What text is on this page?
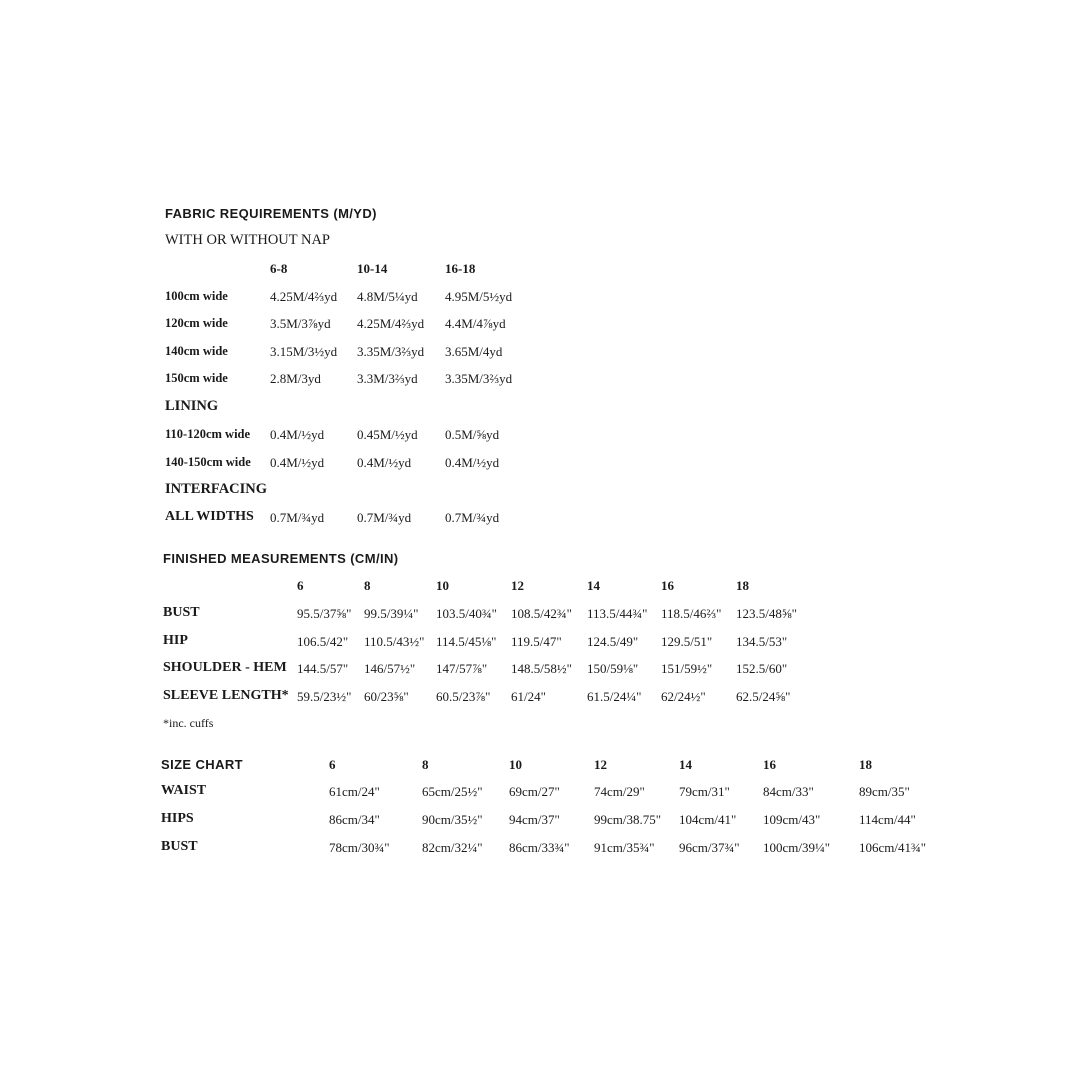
FABRIC REQUIREMENTS (M/YD)
WITH OR WITHOUT NAP
6-8	10-14	16-18
100cm wide	4.25M/4⅔yd 4.8M/5¼yd 4.95M/5½yd
120cm wide	3.5M/3⅞yd 4.25M/4⅔yd 4.4M/4⅞yd
140cm wide	3.15M/3½yd 3.35M/3⅔yd 3.65M/4yd
150cm wide	2.8M/3yd	3.3M/3⅔yd 3.35M/3⅔yd
LINING
110-120cm wide 0.4M/½yd	0.45M/½yd 0.5M/⅝yd
140-150cm wide 0.4M/½yd	0.4M/½yd	0.4M/½yd
INTERFACING
ALL WIDTHS 0.7M/¾yd	0.7M/¾yd	0.7M/¾yd
FINISHED MEASUREMENTS (CM/IN)
6	8	10	12	14	16	18
BUST	95.5/37⅝" 99.5/39¼" 103.5/40¾" 108.5/42¾" 113.5/44¾" 118.5/46⅔" 123.5/48⅝"
HIP	106.5/42" 110.5/43½" 114.5/45⅛" 119.5/47" 124.5/49" 129.5/51" 134.5/53"
SHOULDER - HEM 144.5/57" 146/57½" 147/57⅞" 148.5/58½" 150/59⅛" 151/59½" 152.5/60"
SLEEVE LENGTH* 59.5/23½" 60/23⅝" 60.5/23⅞" 61/24"	61.5/24¼" 62/24½" 62.5/24⅝"
*inc. cuffs
SIZE CHART	6	8	10	12	14	16	18
WAIST	61cm/24"	65cm/25½" 69cm/27"	74cm/29"	79cm/31"	84cm/33"	89cm/35"
HIPS	86cm/34"	90cm/35½" 94cm/37"	99cm/38.75" 104cm/41" 109cm/43"	114cm/44"
BUST	78cm/30¾" 82cm/32¼" 86cm/33¾" 91cm/35¾" 96cm/37¾" 100cm/39¼" 106cm/41¾"
